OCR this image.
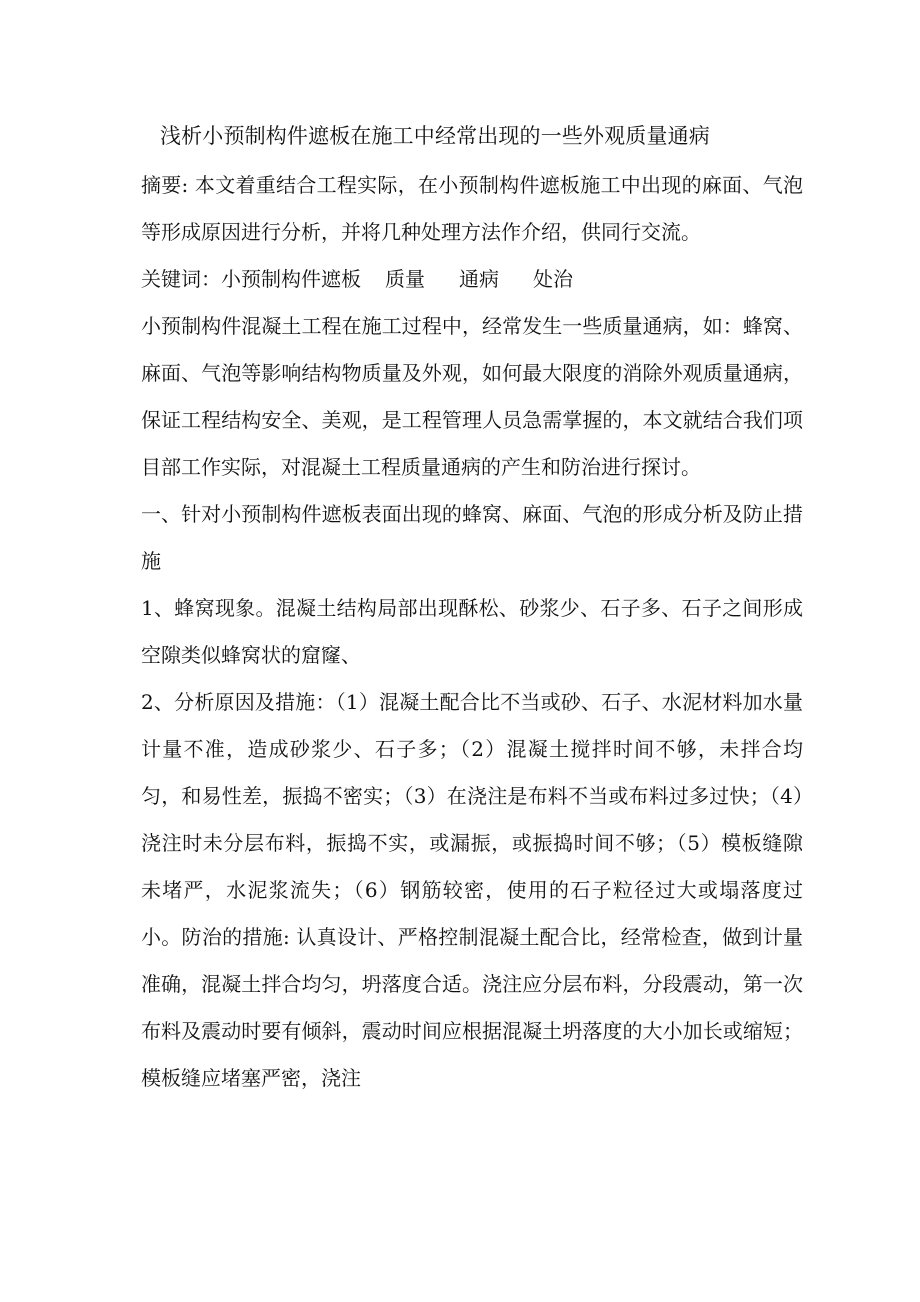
浅析小预制构件遮板在施工中经常出现的一些外观质量通病

摘要: 本文着重结合工程实际，在小预制构件遮板施工中出现的麻面、气泡等形成原因进行分析，并将几种处理方法作介绍，供同行交流。

关键词：小预制构件遮板 质量 通病 处治

小预制构件混凝土工程在施工过程中，经常发生一些质量通病，如：蜂窝、麻面、气泡等影响结构物质量及外观，如何最大限度的消除外观质量通病，保证工程结构安全、美观，是工程管理人员急需掌握的，本文就结合我们项目部工作实际，对混凝土工程质量通病的产生和防治进行探讨。

一、针对小预制构件遮板表面出现的蜂窝、麻面、气泡的形成分析及防止措施

1、蜂窝现象。混凝土结构局部出现酥松、砂浆少、石子多、石子之间形成空隙类似蜂窝状的窟窿、

2、分析原因及措施：（1）混凝土配合比不当或砂、石子、水泥材料加水量计量不准，造成砂浆少、石子多；（2）混凝土搅拌时间不够，未拌合均匀，和易性差，振捣不密实；（3）在浇注是布料不当或布料过多过快；（4）浇注时未分层布料，振捣不实，或漏振，或振捣时间不够；（5）模板缝隙未堵严，水泥浆流失；（6）钢筋较密，使用的石子粒径过大或塌落度过小。防治的措施: 认真设计、严格控制混凝土配合比，经常检查，做到计量准确，混凝土拌合均匀，坍落度合适。浇注应分层布料，分段震动，第一次布料及震动时要有倾斜，震动时间应根据混凝土坍落度的大小加长或缩短；模板缝应堵塞严密，浇注
